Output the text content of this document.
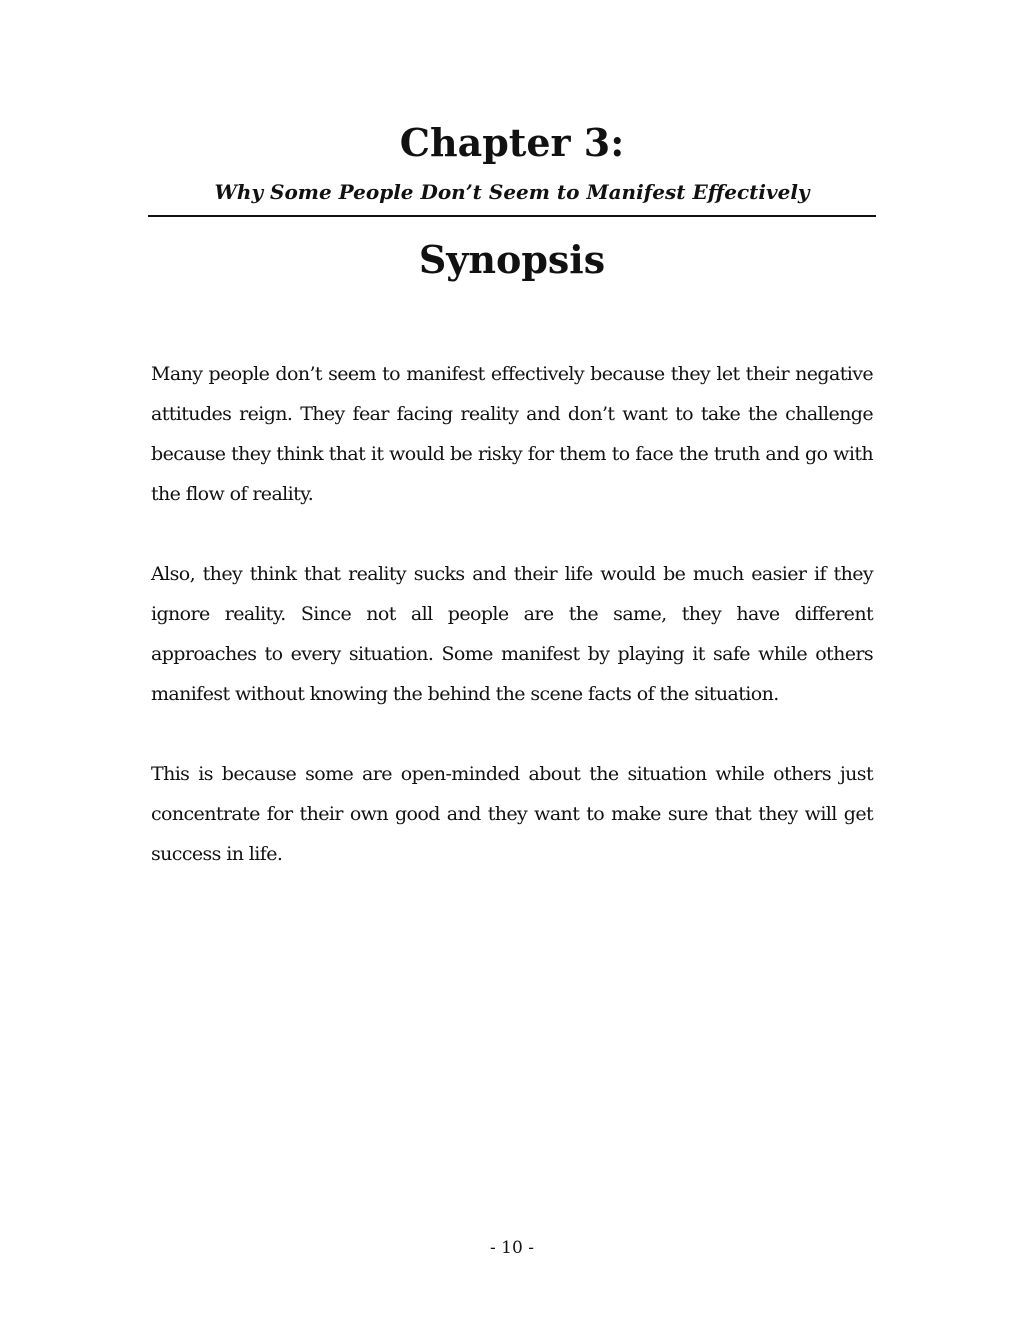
Chapter 3:
Why Some People Don’t Seem to Manifest Effectively
Synopsis

Many people don’t seem to manifest effectively because they let their negative attitudes reign. They fear facing reality and don’t want to take the challenge because they think that it would be risky for them to face the truth and go with the flow of reality.

Also, they think that reality sucks and their life would be much easier if they ignore reality. Since not all people are the same, they have different approaches to every situation. Some manifest by playing it safe while others manifest without knowing the behind the scene facts of the situation.

This is because some are open-minded about the situation while others just concentrate for their own good and they want to make sure that they will get success in life.

- 10 -
